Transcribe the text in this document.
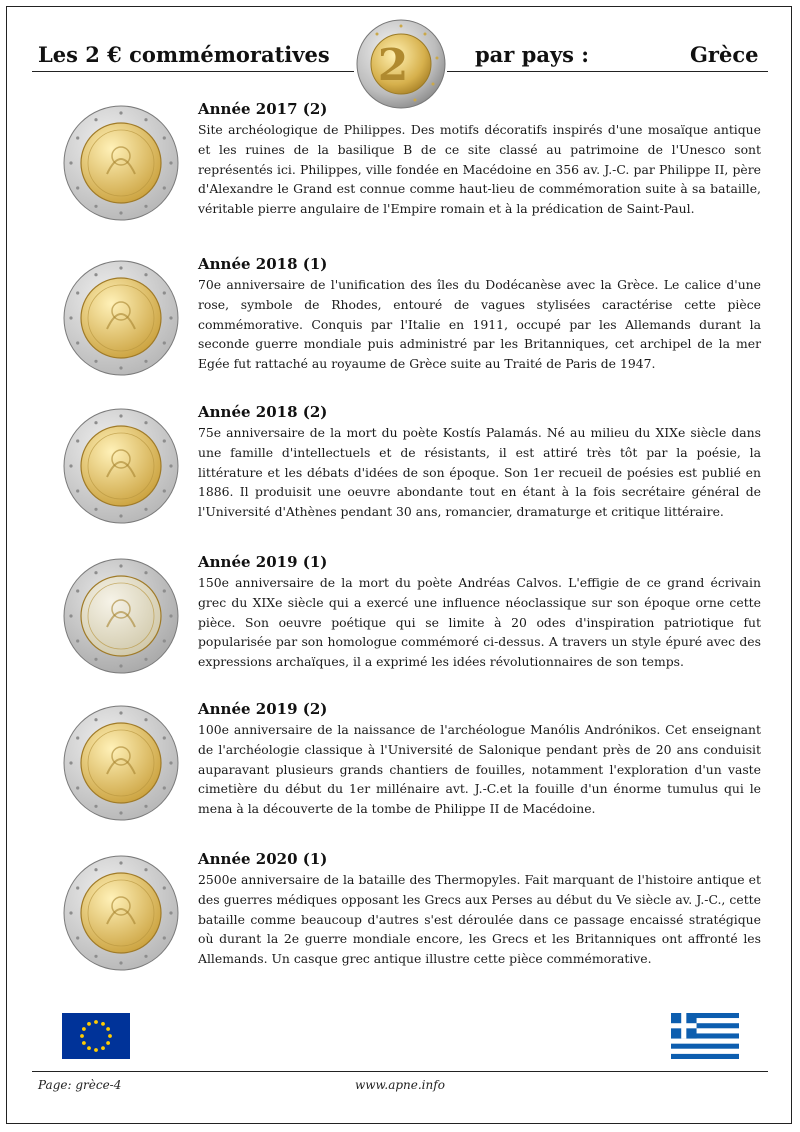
Les 2 € commémoratives	par pays :	Grèce
2
Année 2017 (2)
Site archéologique de Philippes. Des motifs décoratifs inspirés d'une mosaïque antique et les ruines de la basilique B de ce site classé au patrimoine de l'Unesco sont représentés ici. Philippes, ville fondée en Macédoine en 356 av. J.-C. par Philippe II, père d'Alexandre le Grand est connue comme haut-lieu de commémoration suite à sa bataille, véritable pierre angulaire de l'Empire romain et à la prédication de Saint-Paul.
Année 2018 (1)
70e anniversaire de l'unification des îles du Dodécanèse avec la Grèce. Le calice d'une rose, symbole de Rhodes, entouré de vagues stylisées caractérise cette pièce commémorative. Conquis par l'Italie en 1911, occupé par les Allemands durant la seconde guerre mondiale puis administré par les Britanniques, cet archipel de la mer Egée fut rattaché au royaume de Grèce suite au Traité de Paris de 1947.
Année 2018 (2)
75e anniversaire de la mort du poète Kostís Palamás. Né au milieu du XIXe siècle dans une famille d'intellectuels et de résistants, il est attiré très tôt par la poésie, la littérature et les débats d'idées de son époque. Son 1er recueil de poésies est publié en 1886. Il produisit une oeuvre abondante tout en étant à la fois secrétaire général de l'Université d'Athènes pendant 30 ans, romancier, dramaturge et critique littéraire.
Année 2019 (1)
150e anniversaire de la mort du poète Andréas Calvos. L'effigie de ce grand écrivain grec du XIXe siècle qui a exercé une influence néoclassique sur son époque orne cette pièce. Son oeuvre poétique qui se limite à 20 odes d'inspiration patriotique fut popularisée par son homologue commémoré ci-dessus. A travers un style épuré avec des expressions archaïques, il a exprimé les idées révolutionnaires de son temps.
Année 2019 (2)
100e anniversaire de la naissance de l'archéologue Manólis Andrónikos. Cet enseignant de l'archéologie classique à l'Université de Salonique pendant près de 20 ans conduisit auparavant plusieurs grands chantiers de fouilles, notamment l'exploration d'un vaste cimetière du début du 1er millénaire avt. J.-C.et la fouille d'un énorme tumulus qui le mena à la découverte de la tombe de Philippe II de Macédoine.
Année 2020 (1)
2500e anniversaire de la bataille des Thermopyles. Fait marquant de l'histoire antique et des guerres médiques opposant les Grecs aux Perses au début du Ve siècle av. J.-C., cette bataille comme beaucoup d'autres s'est déroulée dans ce passage encaissé stratégique où durant la 2e guerre mondiale encore, les Grecs et les Britanniques ont affronté les Allemands. Un casque grec antique illustre cette pièce commémorative.
Page: grèce-4	www.apne.info
